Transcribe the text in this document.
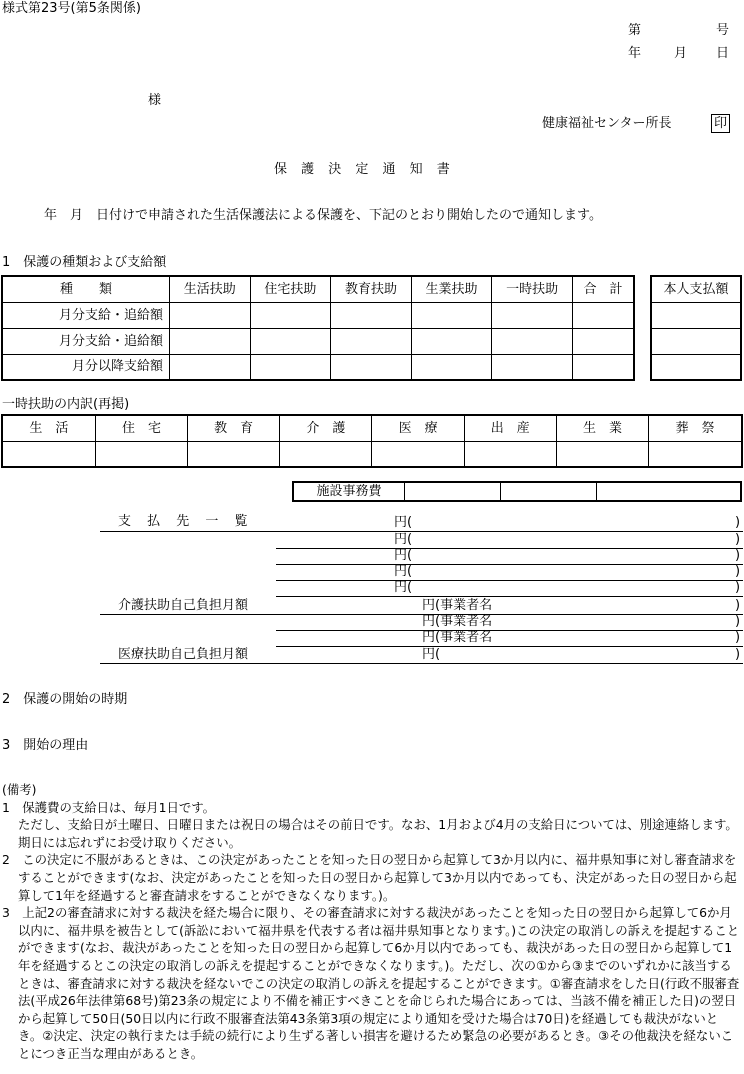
様式第23号(第5条関係)
第	号
年	月 日
様
健康福祉センター所長	印
保 護 決 定 通 知 書
年　月　日付けで申請された生活保護法による保護を、下記のとおり開始したので通知します。
1　保護の種類および支給額
種　　類	生活扶助	住宅扶助	教育扶助	生業扶助	一時扶助	合　計
月分支給・追給額						
月分支給・追給額						
月分以降支給額						
本人支払額

一時扶助の内訳(再掲)
生　活	住　宅	教　育	介　護	医　療	出　産	生　業	葬　祭

施設事務費			
支 払 先 一 覧	円(	)
円(	)
円(	)
円(	)
円(	)
介護扶助自己負担月額	円(事業者名	)
円(事業者名	)
円(事業者名	)
医療扶助自己負担月額	円(	)
2　保護の開始の時期
3　開始の理由
(備考)
1　保護費の支給日は、毎月1日です。
ただし、支給日が土曜日、日曜日または祝日の場合はその前日です。なお、1月および4月の支給日については、別途連絡します。期日には忘れずにお受け取りください。
2　この決定に不服があるときは、この決定があったことを知った日の翌日から起算して3か月以内に、福井県知事に対し審査請求をすることができます(なお、決定があったことを知った日の翌日から起算して3か月以内であっても、決定があった日の翌日から起算して1年を経過すると審査請求をすることができなくなります。)。
3　上記2の審査請求に対する裁決を経た場合に限り、その審査請求に対する裁決があったことを知った日の翌日から起算して6か月以内に、福井県を被告として(訴訟において福井県を代表する者は福井県知事となります。)この決定の取消しの訴えを提起することができます(なお、裁決があったことを知った日の翌日から起算して6か月以内であっても、裁決があった日の翌日から起算して1年を経過するとこの決定の取消しの訴えを提起することができなくなります。)。ただし、次の①から③までのいずれかに該当するときは、審査請求に対する裁決を経ないでこの決定の取消しの訴えを提起することができます。①審査請求をした日(行政不服審査法(平成26年法律第68号)第23条の規定により不備を補正すべきことを命じられた場合にあっては、当該不備を補正した日)の翌日から起算して50日(50日以内に行政不服審査法第43条第3項の規定により通知を受けた場合は70日)を経過しても裁決がないとき。②決定、決定の執行または手続の続行により生ずる著しい損害を避けるため緊急の必要があるとき。③その他裁決を経ないことにつき正当な理由があるとき。
